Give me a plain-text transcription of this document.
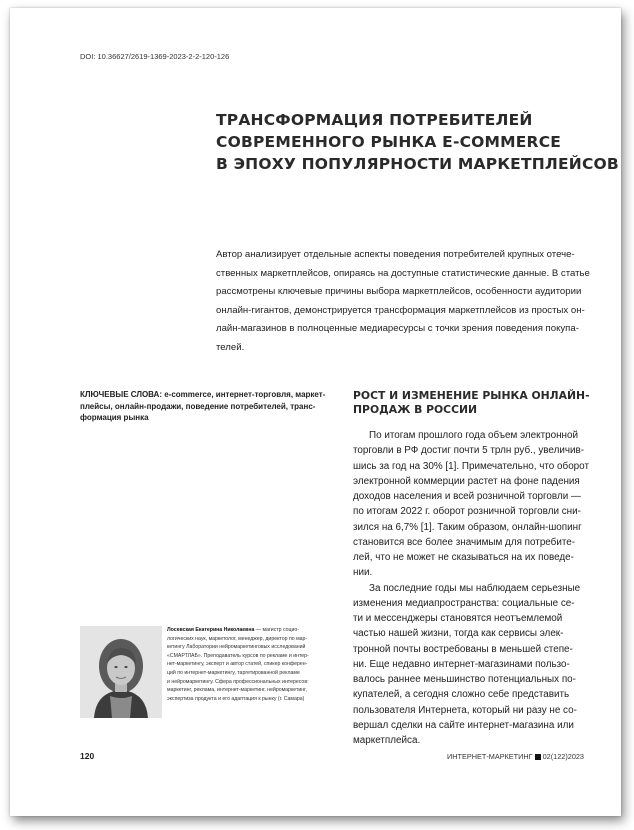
DOI: 10.36627/2619-1369-2023-2-2-120-126
ТРАНСФОРМАЦИЯ ПОТРЕБИТЕЛЕЙ
СОВРЕМЕННОГО РЫНКА E-COMMERCE
В ЭПОХУ ПОПУЛЯРНОСТИ МАРКЕТПЛЕЙСОВ
Автор анализирует отдельные аспекты поведения потребителей крупных отече-
ственных маркетплейсов, опираясь на доступные статистические данные. В статье
рассмотрены ключевые причины выбора маркетплейсов, особенности аудитории
онлайн-гигантов, демонстрируется трансформация маркетплейсов из простых он-
лайн-магазинов в полноценные медиаресурсы с точки зрения поведения покупа-
телей.
КЛЮЧЕВЫЕ СЛОВА: e-commerce, интернет-торговля, маркет-
плейсы, онлайн-продажи, поведение потребителей, транс-
формация рынка
РОСТ И ИЗМЕНЕНИЕ РЫНКА ОНЛАЙН-
ПРОДАЖ В РОССИИ
По итогам прошлого года объем электронной
торговли в РФ достиг почти 5 трлн руб., увеличив-
шись за год на 30% [1]. Примечательно, что оборот
электронной коммерции растет на фоне падения
доходов населения и всей розничной торговли —
по итогам 2022 г. оборот розничной торговли сни-
зился на 6,7% [1]. Таким образом, онлайн-шопинг
становится все более значимым для потребите-
лей, что не может не сказываться на их поведе-
нии.
За последние годы мы наблюдаем серьезные
изменения медиапространства: социальные се-
ти и мессенджеры становятся неотъемлемой
частью нашей жизни, тогда как сервисы элек-
тронной почты востребованы в меньшей степе-
ни. Еще недавно интернет-магазинами пользо-
валось раннее меньшинство потенциальных по-
купателей, а сегодня сложно себе представить
пользователя Интернета, который ни разу не со-
вершал сделки на сайте интернет-магазина или
маркетплейса.
Лосевская Екатерина Николаевна — магистр социо-
логических наук, маркетолог, менеджер, директор по мар-
кетингу Лаборатории нейромаркетинговых исследований
«СМАРТЛАБ». Преподаватель курсов по рекламе и интер-
нет-маркетингу, эксперт и автор статей, спикер конферен-
ций по интернет-маркетингу, таргетированной рекламе
и нейромаркетингу. Сфера профессиональных интересов:
маркетинг, реклама, интернет-маркетинг, нейромаркетинг,
экспертиза продукта и его адаптация к рынку (г. Самара)
120	ИНТЕРНЕТ-МАРКЕТИНГ 02(122)2023
